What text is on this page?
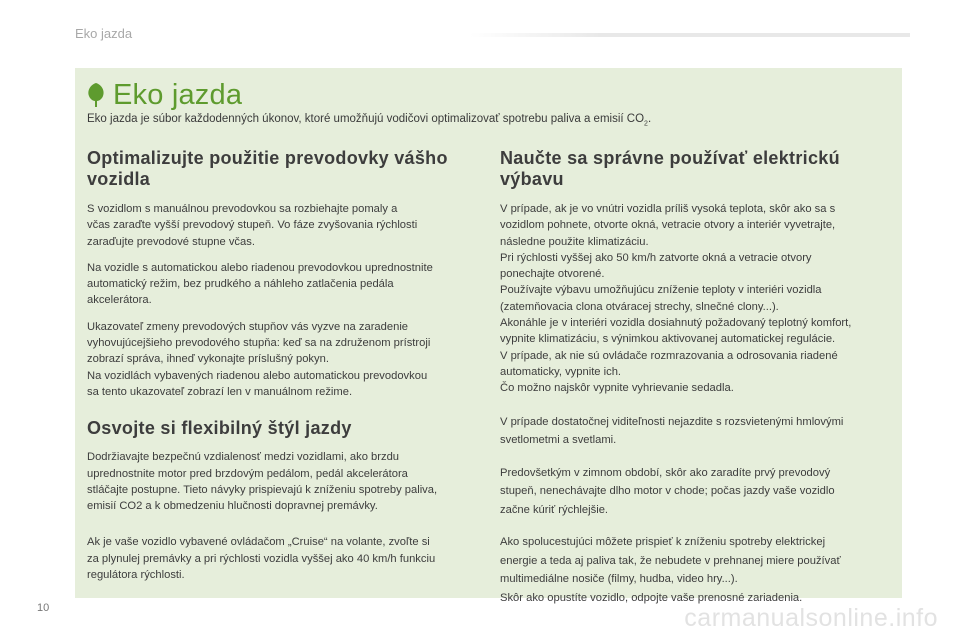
Eko jazda
Eko jazda
Eko jazda je súbor každodenných úkonov, ktoré umožňujú vodičovi optimalizovať spotrebu paliva a emisií $CO_2$.
Optimalizujte použitie prevodovky vášho
vozidla

S vozidlom s manuálnou prevodovkou sa rozbiehajte pomaly a
včas zaraďte vyšší prevodový stupeň. Vo fáze zvyšovania rýchlosti
zaraďujte prevodové stupne včas.

Na vozidle s automatickou alebo riadenou prevodovkou uprednostnite
automatický režim, bez prudkého a náhleho zatlačenia pedála
akcelerátora.

Ukazovateľ zmeny prevodových stupňov vás vyzve na zaradenie
vyhovujúcejšieho prevodového stupňa: keď sa na združenom prístroji
zobrazí správa, ihneď vykonajte príslušný pokyn.
Na vozidlách vybavených riadenou alebo automatickou prevodovkou
sa tento ukazovateľ zobrazí len v manuálnom režime.

Osvojte si flexibilný štýl jazdy

Dodržiavajte bezpečnú vzdialenosť medzi vozidlami, ako brzdu
uprednostnite motor pred brzdovým pedálom, pedál akcelerátora
stláčajte postupne. Tieto návyky prispievajú k zníženiu spotreby paliva,
emisií CO2 a k obmedzeniu hlučnosti dopravnej premávky.

Ak je vaše vozidlo vybavené ovládačom „Cruise“ na volante, zvoľte si
za plynulej premávky a pri rýchlosti vozidla vyššej ako 40 km/h funkciu
regulátora rýchlosti.

Naučte sa správne používať elektrickú
výbavu

V prípade, ak je vo vnútri vozidla príliš vysoká teplota, skôr ako sa s
vozidlom pohnete, otvorte okná, vetracie otvory a interiér vyvetrajte,
následne použite klimatizáciu.
Pri rýchlosti vyššej ako 50 km/h zatvorte okná a vetracie otvory
ponechajte otvorené.
Používajte výbavu umožňujúcu zníženie teploty v interiéri vozidla
(zatemňovacia clona otváracej strechy, slnečné clony...).
Akonáhle je v interiéri vozidla dosiahnutý požadovaný teplotný komfort,
vypnite klimatizáciu, s výnimkou aktivovanej automatickej regulácie.
V prípade, ak nie sú ovládače rozmrazovania a odrosovania riadené
automaticky, vypnite ich.
Čo možno najskôr vypnite vyhrievanie sedadla.

V prípade dostatočnej viditeľnosti nejazdite s rozsvietenými hmlovými
svetlometmi a svetlami.

Predovšetkým v zimnom období, skôr ako zaradíte prvý prevodový
stupeň, nenechávajte dlho motor v chode; počas jazdy vaše vozidlo
začne kúriť rýchlejšie.

Ako spolucestujúci môžete prispieť k zníženiu spotreby elektrickej
energie a teda aj paliva tak, že nebudete v prehnanej miere používať
multimediálne nosiče (filmy, hudba, video hry...).
Skôr ako opustíte vozidlo, odpojte vaše prenosné zariadenia.

10	carmanualsonline.info
